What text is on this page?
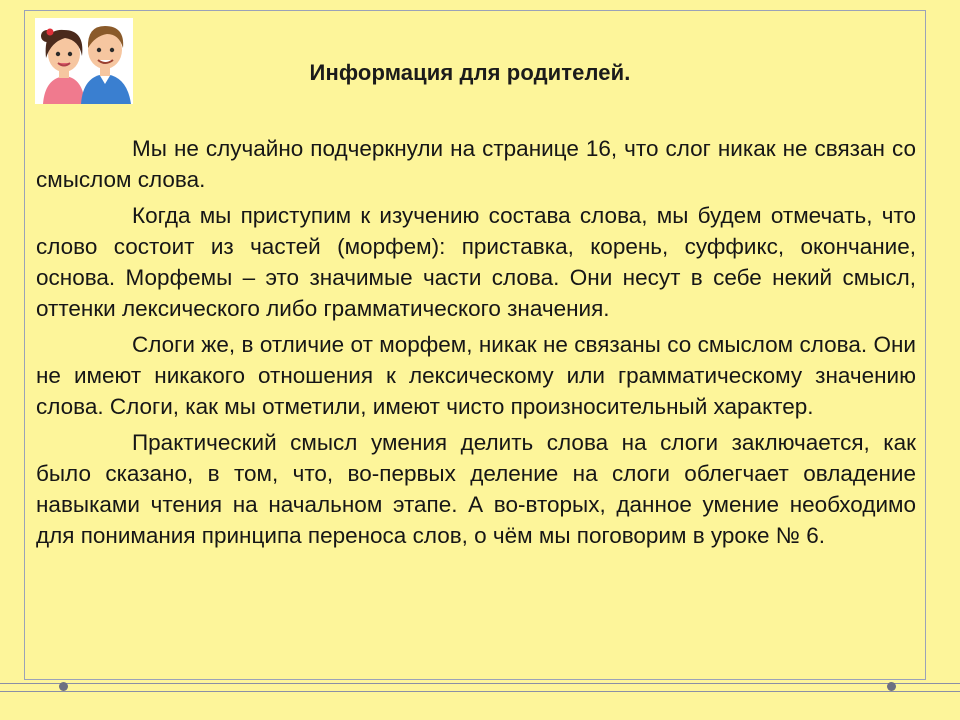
Информация для родителей.

Мы не случайно подчеркнули на странице 16, что слог никак не связан со смыслом слова.

Когда мы приступим к изучению состава слова, мы будем отмечать, что слово состоит из частей (морфем): приставка, корень, суффикс, окончание, основа. Морфемы – это значимые части слова. Они несут в себе некий смысл, оттенки лексического либо грамматического значения.

Слоги же, в отличие от морфем, никак не связаны со смыслом слова. Они не имеют никакого отношения к лексическому или грамматическому значению слова. Слоги, как мы отметили, имеют чисто произносительный характер.

Практический смысл умения делить слова на слоги заключается, как было сказано, в том, что, во-первых деление на слоги облегчает овладение навыками чтения на начальном этапе. А во-вторых, данное умение необходимо для понимания принципа переноса слов, о чём мы поговорим в уроке № 6.
